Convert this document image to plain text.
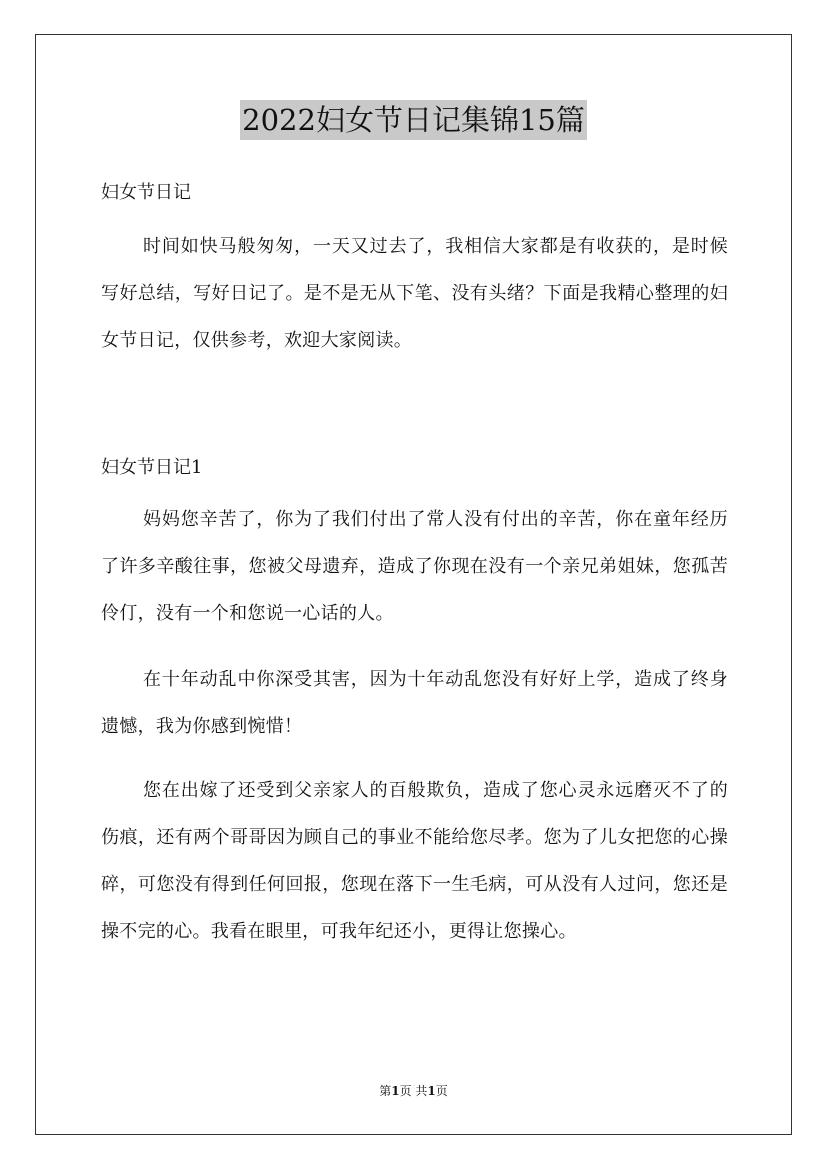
2022妇女节日记集锦15篇
妇女节日记
时间如快马般匆匆，一天又过去了，我相信大家都是有收获的，是时候写好总结，写好日记了。是不是无从下笔、没有头绪？下面是我精心整理的妇女节日记，仅供参考，欢迎大家阅读。
妇女节日记1
妈妈您辛苦了，你为了我们付出了常人没有付出的辛苦，你在童年经历了许多辛酸往事，您被父母遗弃，造成了你现在没有一个亲兄弟姐妹，您孤苦伶仃，没有一个和您说一心话的人。
在十年动乱中你深受其害，因为十年动乱您没有好好上学，造成了终身遗憾，我为你感到惋惜！
您在出嫁了还受到父亲家人的百般欺负，造成了您心灵永远磨灭不了的伤痕，还有两个哥哥因为顾自己的事业不能给您尽孝。您为了儿女把您的心操碎，可您没有得到任何回报，您现在落下一生毛病，可从没有人过问，您还是操不完的心。我看在眼里，可我年纪还小，更得让您操心。
第1页 共1页
